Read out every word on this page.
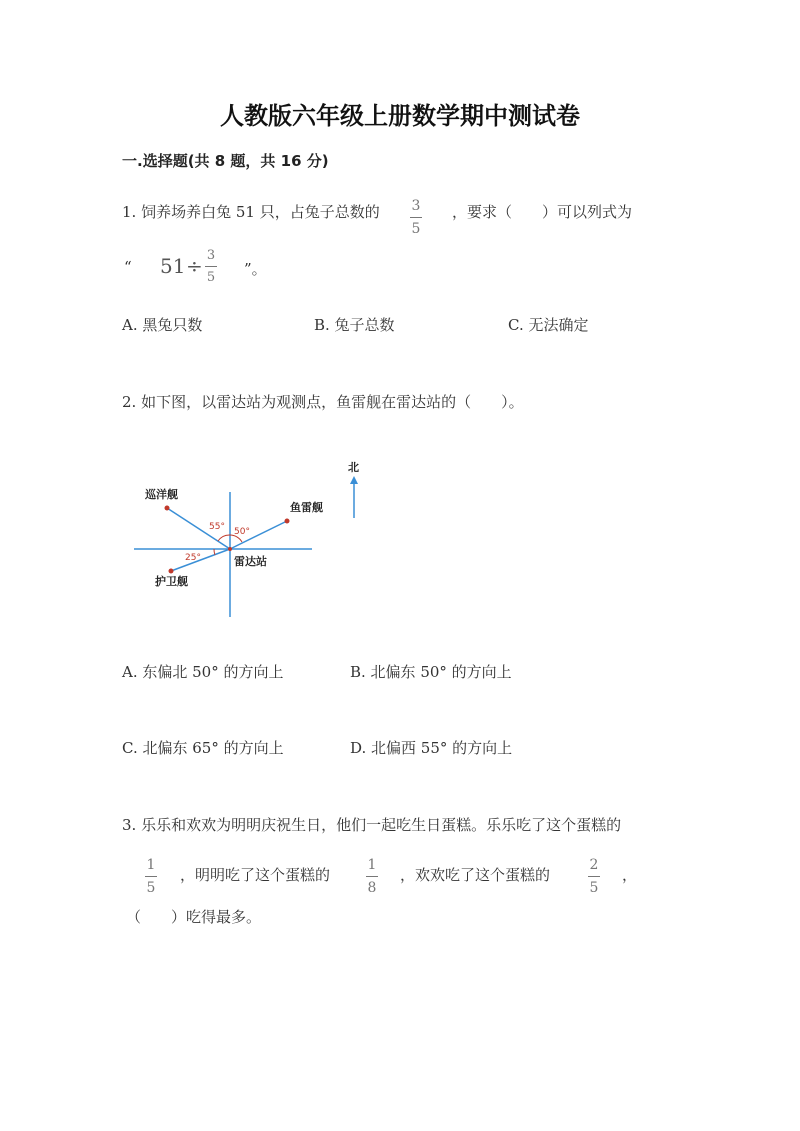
人教版六年级上册数学期中测试卷
一.选择题(共 8 题，共 16 分)
1. 饲养场养白兔 51 只，占兔子总数的 3
5
，要求（　　）可以列式为
“ 51 ÷ 3
5 ”。
A. 黑兔只数	B. 兔子总数	C. 无法确定
2. 如下图，以雷达站为观测点，鱼雷舰在雷达站的（　　）。
55° 50°
25°
巡洋舰
鱼雷舰
护卫舰
雷达站
北
A. 东偏北 50° 的方向上	B. 北偏东 50° 的方向上
C. 北偏东 65° 的方向上	D. 北偏西 55° 的方向上
3. 乐乐和欢欢为明明庆祝生日，他们一起吃生日蛋糕。乐乐吃了这个蛋糕的
1
5
，明明吃了这个蛋糕的
1
8
，欢欢吃了这个蛋糕的
2
5
，
（　　）吃得最多。
